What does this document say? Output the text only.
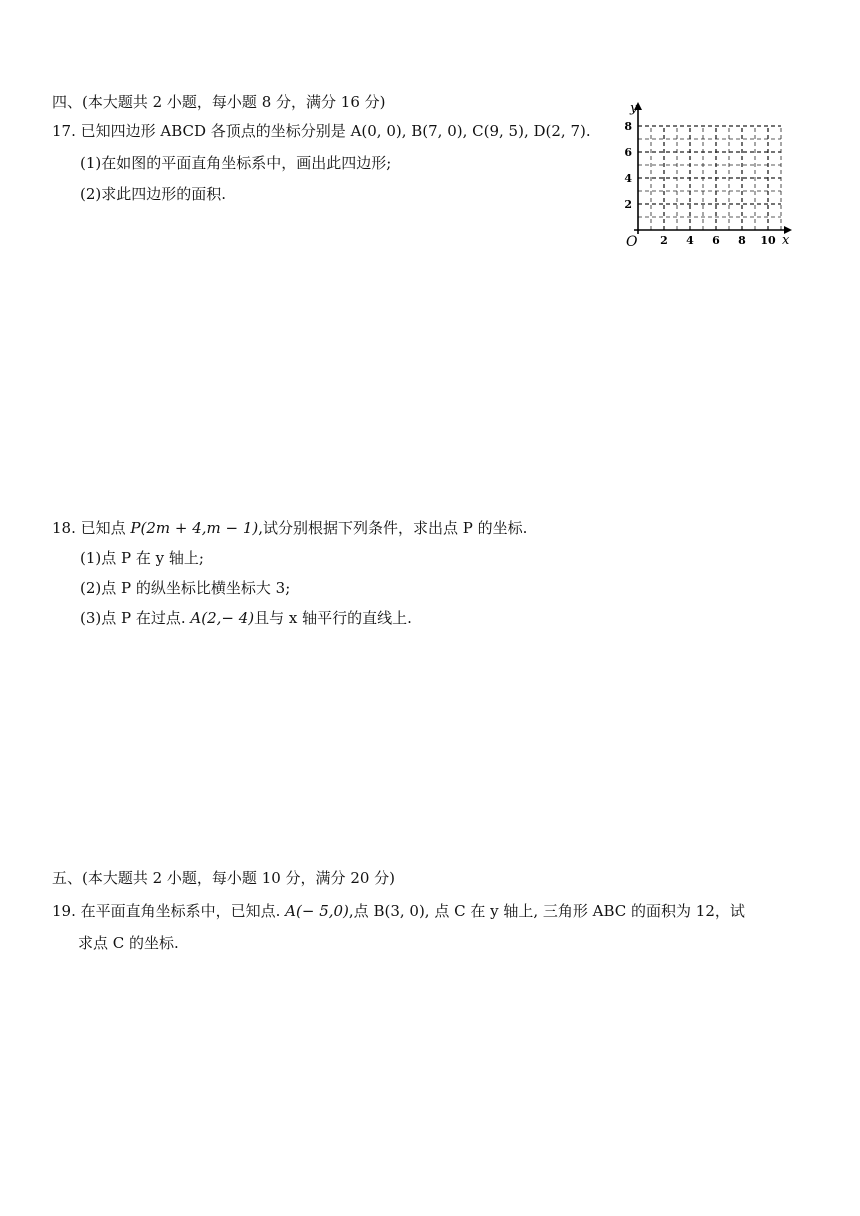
四、(本大题共 2 小题，每小题 8 分，满分 16 分)
17. 已知四边形 ABCD 各顶点的坐标分别是 A(0, 0), B(7, 0), C(9, 5), D(2, 7).
(1)在如图的平面直角坐标系中，画出此四边形;
(2)求此四边形的面积.
x
y
O 2 4 6 8 10
2
4
6
8
18. 已知点 P(2m + 4,m − 1),试分别根据下列条件，求出点 P 的坐标.
(1)点 P 在 y 轴上;
(2)点 P 的纵坐标比横坐标大 3;
(3)点 P 在过点. A(2,− 4)且与 x 轴平行的直线上.
五、(本大题共 2 小题，每小题 10 分，满分 20 分)
19. 在平面直角坐标系中，已知点. A(− 5,0),点 B(3, 0), 点 C 在 y 轴上, 三角形 ABC 的面积为 12，试
求点 C 的坐标.
